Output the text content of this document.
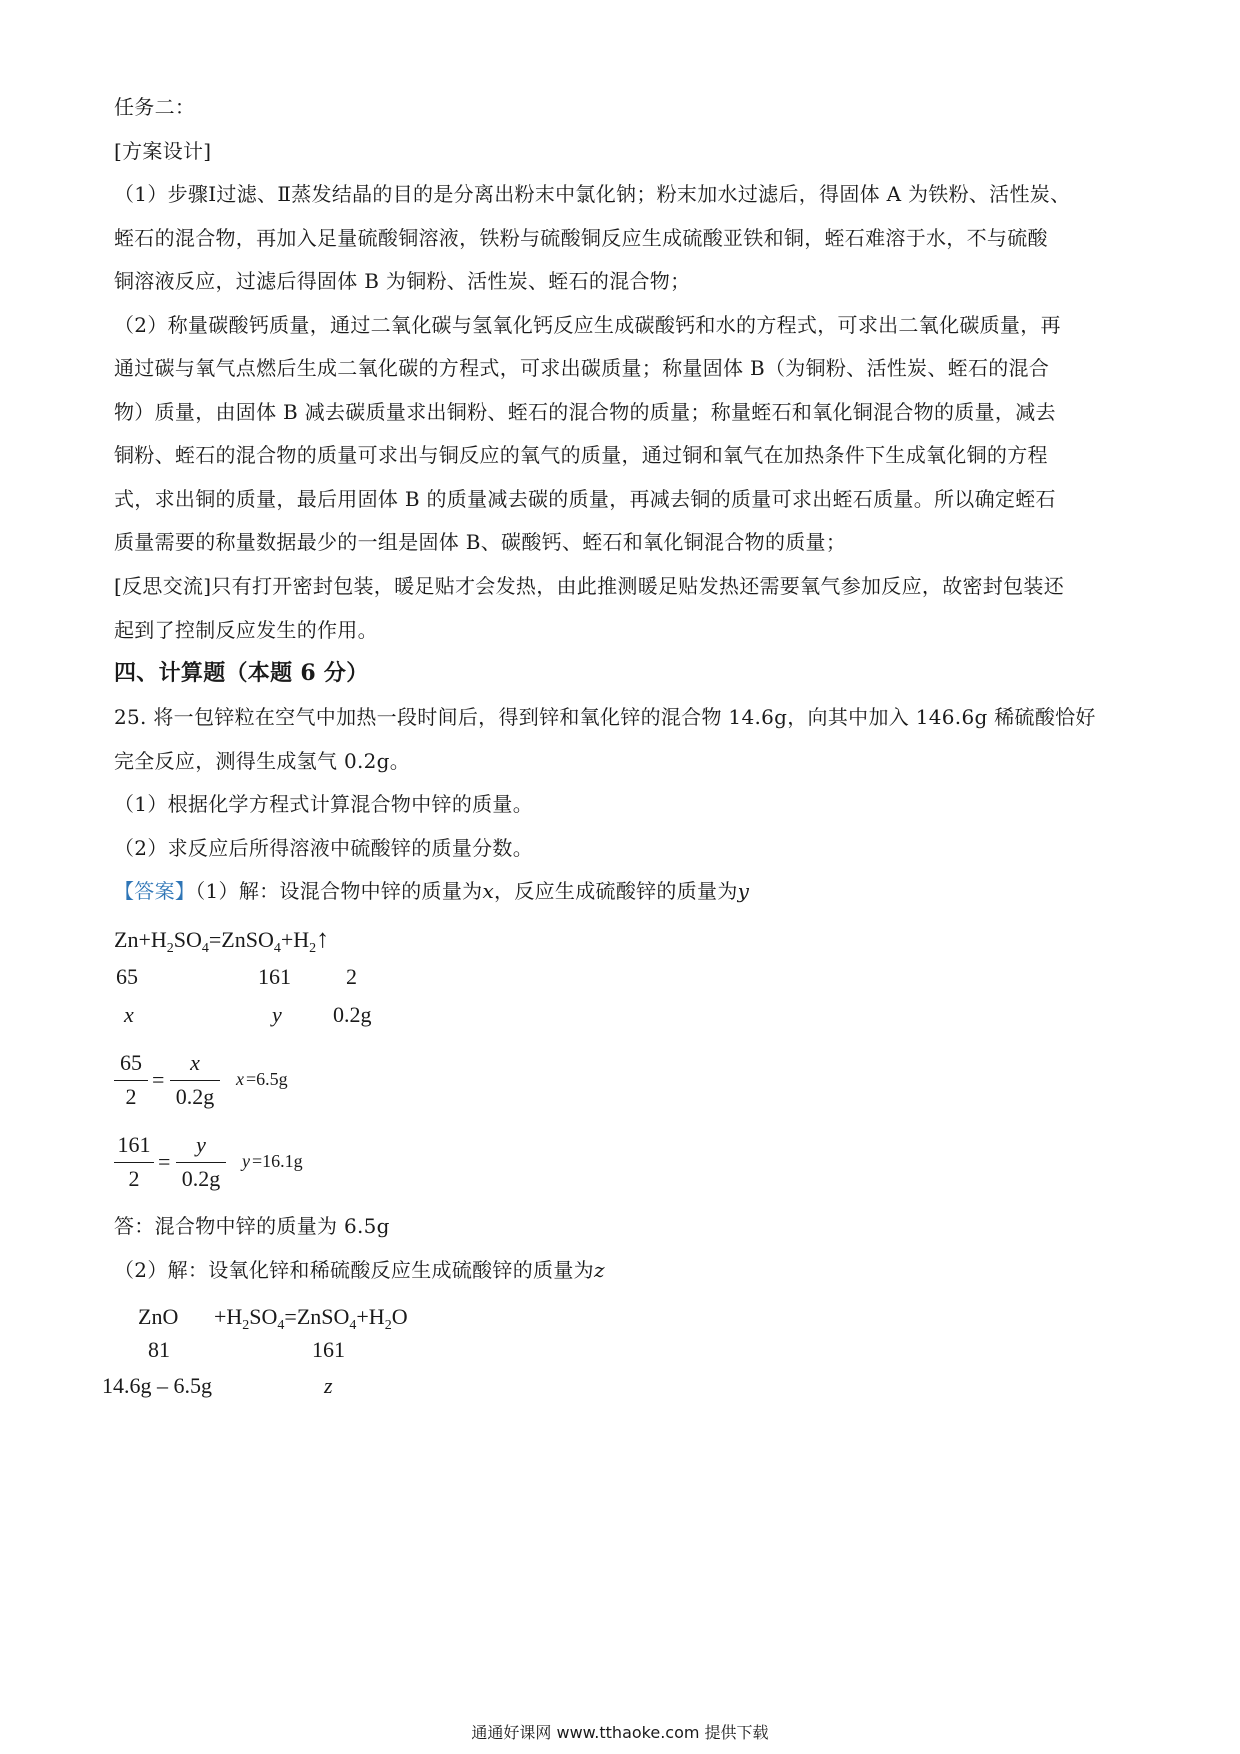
任务二：
[方案设计]
（1）步骤Ⅰ过滤、Ⅱ蒸发结晶的目的是分离出粉末中氯化钠；粉末加水过滤后，得固体 A 为铁粉、活性炭、
蛭石的混合物，再加入足量硫酸铜溶液，铁粉与硫酸铜反应生成硫酸亚铁和铜，蛭石难溶于水，不与硫酸
铜溶液反应，过滤后得固体 B 为铜粉、活性炭、蛭石的混合物；
（2）称量碳酸钙质量，通过二氧化碳与氢氧化钙反应生成碳酸钙和水的方程式，可求出二氧化碳质量，再
通过碳与氧气点燃后生成二氧化碳的方程式，可求出碳质量；称量固体 B（为铜粉、活性炭、蛭石的混合
物）质量，由固体 B 减去碳质量求出铜粉、蛭石的混合物的质量；称量蛭石和氧化铜混合物的质量，减去
铜粉、蛭石的混合物的质量可求出与铜反应的氧气的质量，通过铜和氧气在加热条件下生成氧化铜的方程
式，求出铜的质量，最后用固体 B 的质量减去碳的质量，再减去铜的质量可求出蛭石质量。所以确定蛭石
质量需要的称量数据最少的一组是固体 B、碳酸钙、蛭石和氧化铜混合物的质量；
[反思交流]只有打开密封包装，暖足贴才会发热，由此推测暖足贴发热还需要氧气参加反应，故密封包装还
起到了控制反应发生的作用。
四、计算题（本题 6 分）
25. 将一包锌粒在空气中加热一段时间后，得到锌和氧化锌的混合物 14.6g，向其中加入 146.6g 稀硫酸恰好
完全反应，测得生成氢气 0.2g。
（1）根据化学方程式计算混合物中锌的质量。
（2）求反应后所得溶液中硫酸锌的质量分数。
【答案】（1）解：设混合物中锌的质量为x，反应生成硫酸锌的质量为y
$Zn+H_2SO_4=ZnSO_4+H_2↑$
65	161	2
x	y 0.2g
65
2
=
x
0.2g
x =6.5g
161
2
=
y
0.2g
y =16.1g
答：混合物中锌的质量为 6.5g
（2）解：设氧化锌和稀硫酸反应生成硫酸锌的质量为z
ZnO $+H_2SO_4=ZnSO_4+H_2O$
81	161
14.6g – 6.5g	z
通通好课网 www.tthaoke.com 提供下载
